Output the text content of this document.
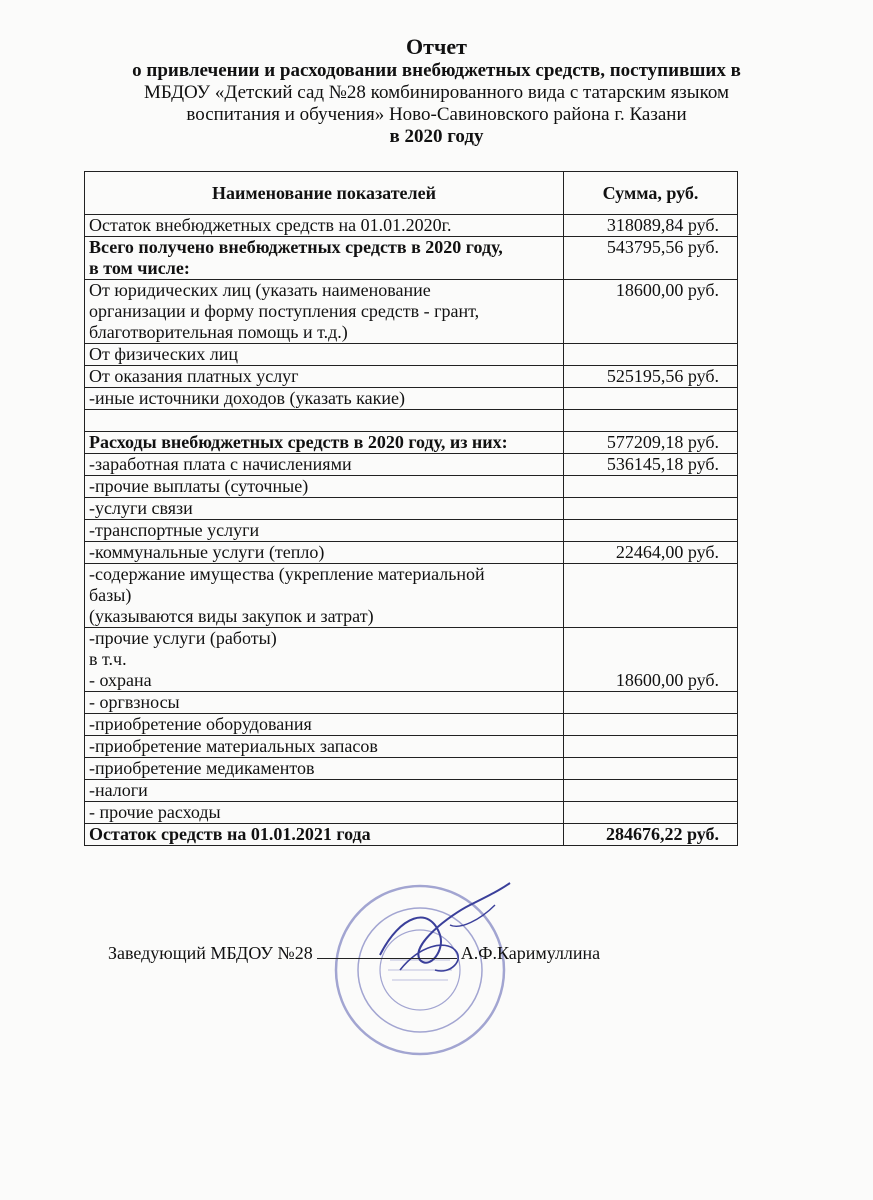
Отчет
о привлечении и расходовании внебюджетных средств, поступивших в
МБДОУ «Детский сад №28 комбинированного вида с татарским языком
воспитания и обучения» Ново-Савиновского района г. Казани
в 2020 году
Наименование показателей	Сумма, руб.
Остаток внебюджетных средств на 01.01.2020г.	318089,84 руб.
Всего получено внебюджетных средств в 2020 году,
в том числе:	543795,56 руб.
От юридических лиц (указать наименование
организации и форму поступления средств - грант,
благотворительная помощь и т.д.)	18600,00 руб.
От физических лиц	
От оказания платных услуг	525195,56 руб.
-иные источники доходов (указать какие)	

Расходы внебюджетных средств в 2020 году, из них:	577209,18 руб.
-заработная плата с начислениями	536145,18 руб.
-прочие выплаты (суточные)	
-услуги связи	
-транспортные услуги	
-коммунальные услуги (тепло)	22464,00 руб.
-содержание имущества (укрепление материальной
базы)
(указываются виды закупок и затрат)	
-прочие услуги (работы)
в т.ч.
- охрана	18600,00 руб.
- оргвзносы	
-приобретение оборудования	
-приобретение материальных запасов	
-приобретение медикаментов	
-налоги	
- прочие расходы	
Остаток средств на 01.01.2021 года	284676,22 руб.
Заведующий МБДОУ №28	А.Ф.Каримуллина
